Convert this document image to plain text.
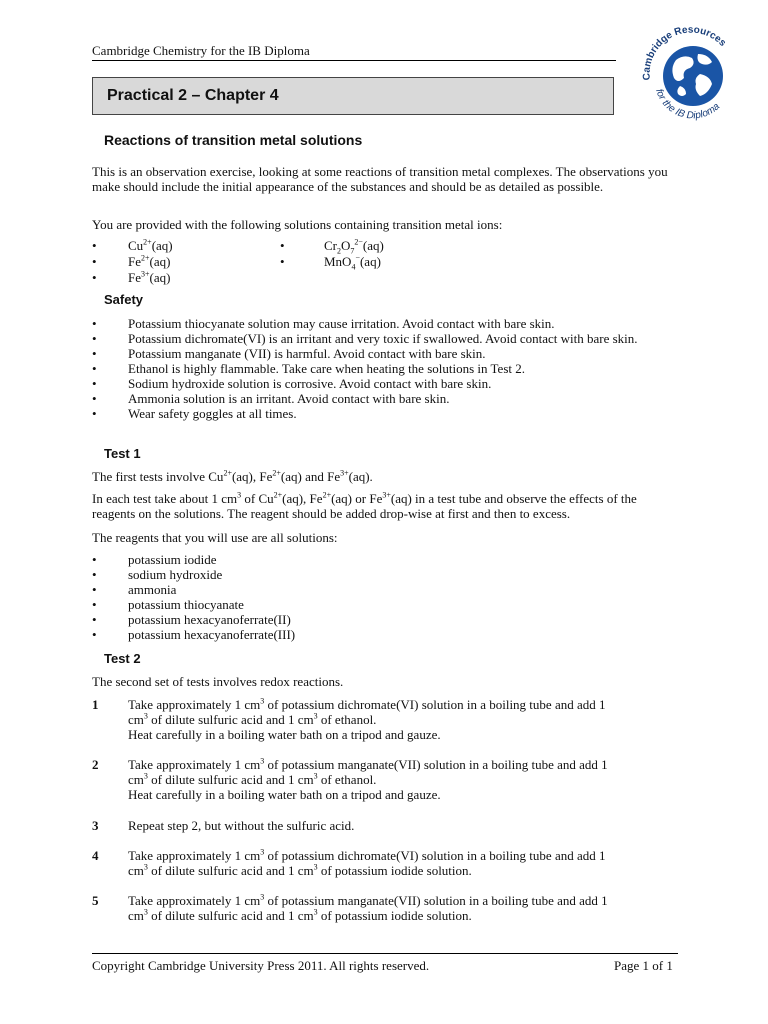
Cambridge Chemistry for the IB Diploma
Cambridge Resources
for the IB Diploma
Practical 2 – Chapter 4
Reactions of transition metal solutions
This is an observation exercise, looking at some reactions of transition metal complexes. The observations you make should include the initial appearance of the substances and should be as detailed as possible.
You are provided with the following solutions containing transition metal ions:
• $Cu^{2+}(aq)$
• $Fe^{2+}(aq)$
• $Fe^{3+}(aq)$
•	$Cr_2O_7^{2-}(aq)$
•	MnO$_4$−(aq)
Safety
• Potassium thiocyanate solution may cause irritation. Avoid contact with bare skin.
• Potassium dichromate(VI) is an irritant and very toxic if swallowed. Avoid contact with bare skin.
• Potassium manganate (VII) is harmful. Avoid contact with bare skin.
• Ethanol is highly flammable. Take care when heating the solutions in Test 2.
• Sodium hydroxide solution is corrosive. Avoid contact with bare skin.
• Ammonia solution is an irritant. Avoid contact with bare skin.
• Wear safety goggles at all times.
Test 1
The first tests involve $Cu^{2+}(aq)$, $Fe^{2+}(aq)$ and $Fe^{3+}(aq)$.
In each test take about 1 $cm^3$ of $Cu^{2+}(aq)$, $Fe^{2+}(aq)$ or $Fe^{3+}(aq)$ in a test tube and observe the effects of the reagents on the solutions. The reagent should be added drop-wise at first and then to excess.
The reagents that you will use are all solutions:
• potassium iodide
• sodium hydroxide
• ammonia
• potassium thiocyanate
• potassium hexacyanoferrate(II)
• potassium hexacyanoferrate(III)
Test 2
The second set of tests involves redox reactions.
1 Take approximately 1 $cm^3$ of potassium dichromate(VI) solution in a boiling tube and add 1
$cm^3$ of dilute sulfuric acid and 1 $cm^3$ of ethanol.
Heat carefully in a boiling water bath on a tripod and gauze.
2 Take approximately 1 $cm^3$ of potassium manganate(VII) solution in a boiling tube and add 1
$cm^3$ of dilute sulfuric acid and 1 $cm^3$ of ethanol.
Heat carefully in a boiling water bath on a tripod and gauze.
3 Repeat step 2, but without the sulfuric acid.
4 Take approximately 1 $cm^3$ of potassium dichromate(VI) solution in a boiling tube and add 1
$cm^3$ of dilute sulfuric acid and 1 $cm^3$ of potassium iodide solution.
5 Take approximately 1 $cm^3$ of potassium manganate(VII) solution in a boiling tube and add 1
$cm^3$ of dilute sulfuric acid and 1 $cm^3$ of potassium iodide solution.
Copyright Cambridge University Press 2011. All rights reserved.	Page 1 of 1
